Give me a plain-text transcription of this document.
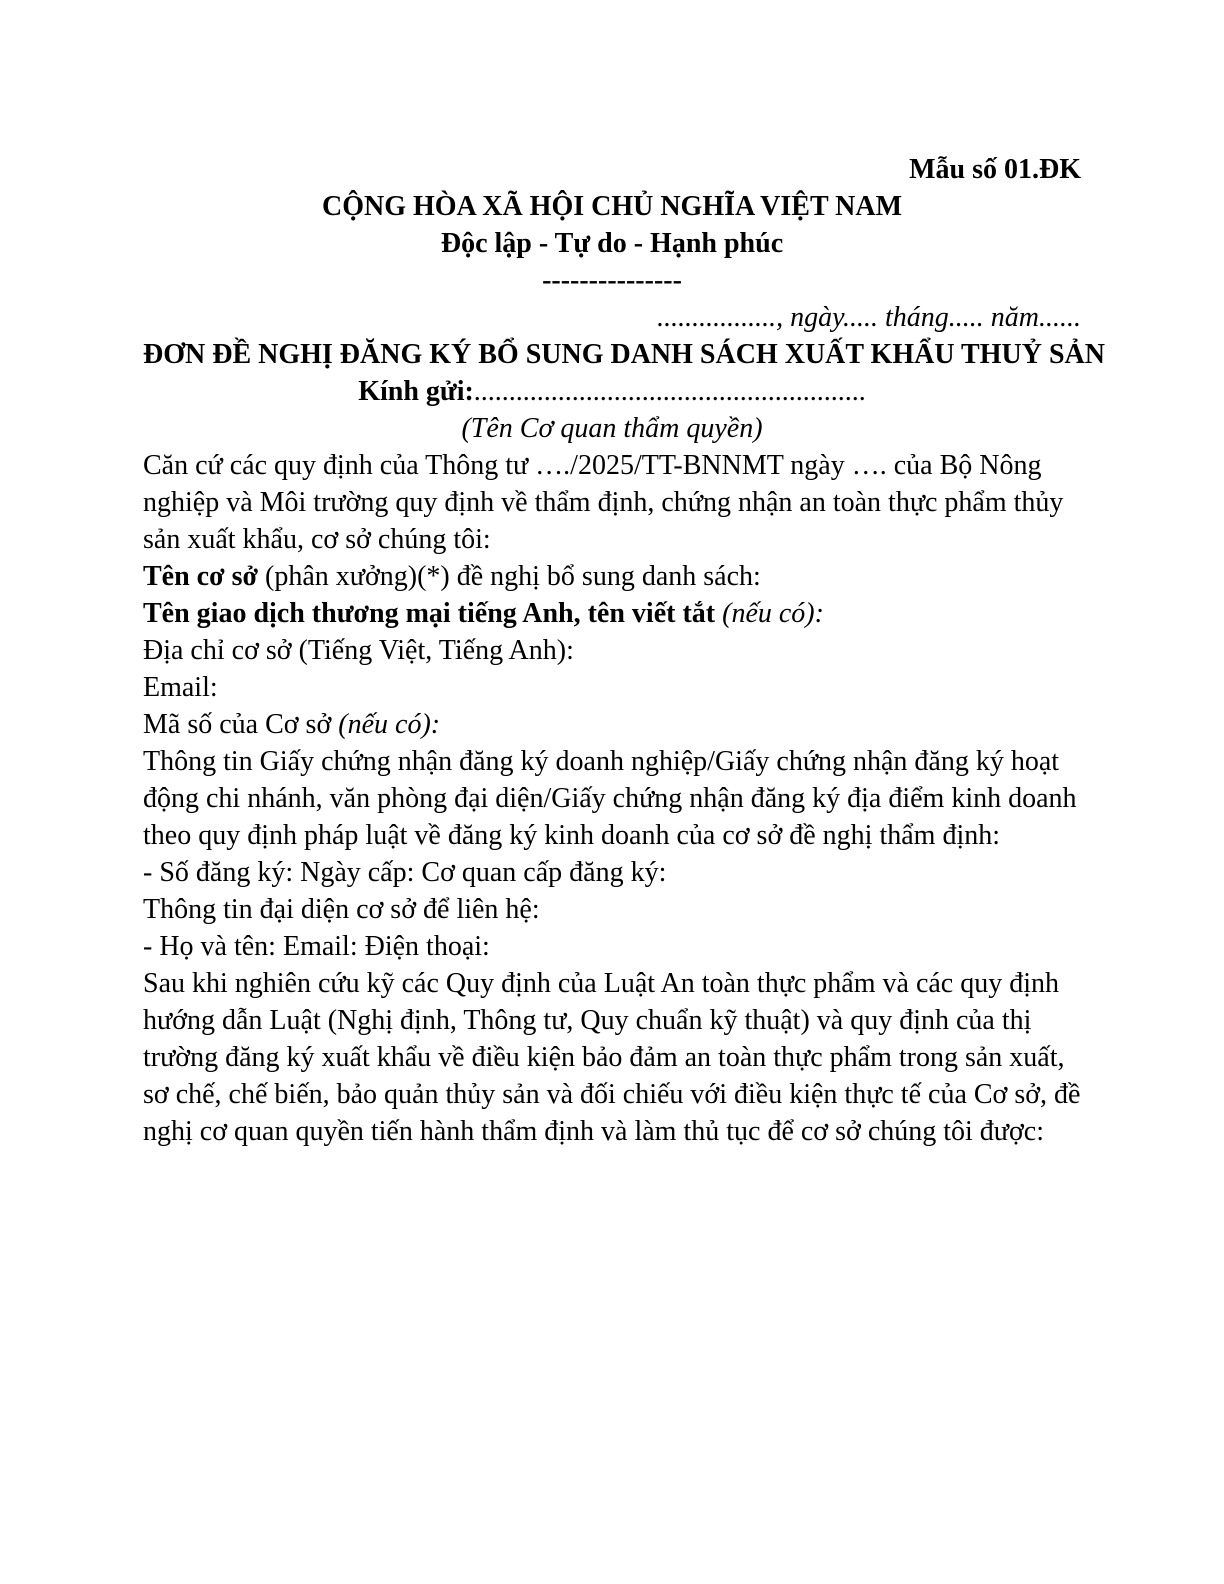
Mẫu số 01.ĐK
CỘNG HÒA XÃ HỘI CHỦ NGHĨA VIỆT NAM
Độc lập - Tự do - Hạnh phúc
---------------
................., ngày..... tháng..... năm......
ĐƠN ĐỀ NGHỊ ĐĂNG KÝ BỔ SUNG DANH SÁCH XUẤT KHẨU THUỶ SẢN
Kính gửi:........................................................
(Tên Cơ quan thẩm quyền)

Căn cứ các quy định của Thông tư …./2025/TT-BNNMT ngày …. của Bộ Nông nghiệp và Môi trường quy định về thẩm định, chứng nhận an toàn thực phẩm thủy sản xuất khẩu, cơ sở chúng tôi:

Tên cơ sở (phân xưởng)(*) đề nghị bổ sung danh sách:

Tên giao dịch thương mại tiếng Anh, tên viết tắt (nếu có):

Địa chỉ cơ sở (Tiếng Việt, Tiếng Anh):

Email:

Mã số của Cơ sở (nếu có):

Thông tin Giấy chứng nhận đăng ký doanh nghiệp/Giấy chứng nhận đăng ký hoạt động chi nhánh, văn phòng đại diện/Giấy chứng nhận đăng ký địa điểm kinh doanh theo quy định pháp luật về đăng ký kinh doanh của cơ sở đề nghị thẩm định:

- Số đăng ký: Ngày cấp: Cơ quan cấp đăng ký:

Thông tin đại diện cơ sở để liên hệ:

- Họ và tên: Email: Điện thoại:

Sau khi nghiên cứu kỹ các Quy định của Luật An toàn thực phẩm và các quy định hướng dẫn Luật (Nghị định, Thông tư, Quy chuẩn kỹ thuật) và quy định của thị trường đăng ký xuất khẩu về điều kiện bảo đảm an toàn thực phẩm trong sản xuất, sơ chế, chế biến, bảo quản thủy sản và đối chiếu với điều kiện thực tế của Cơ sở, đề nghị cơ quan quyền tiến hành thẩm định và làm thủ tục để cơ sở chúng tôi được:
